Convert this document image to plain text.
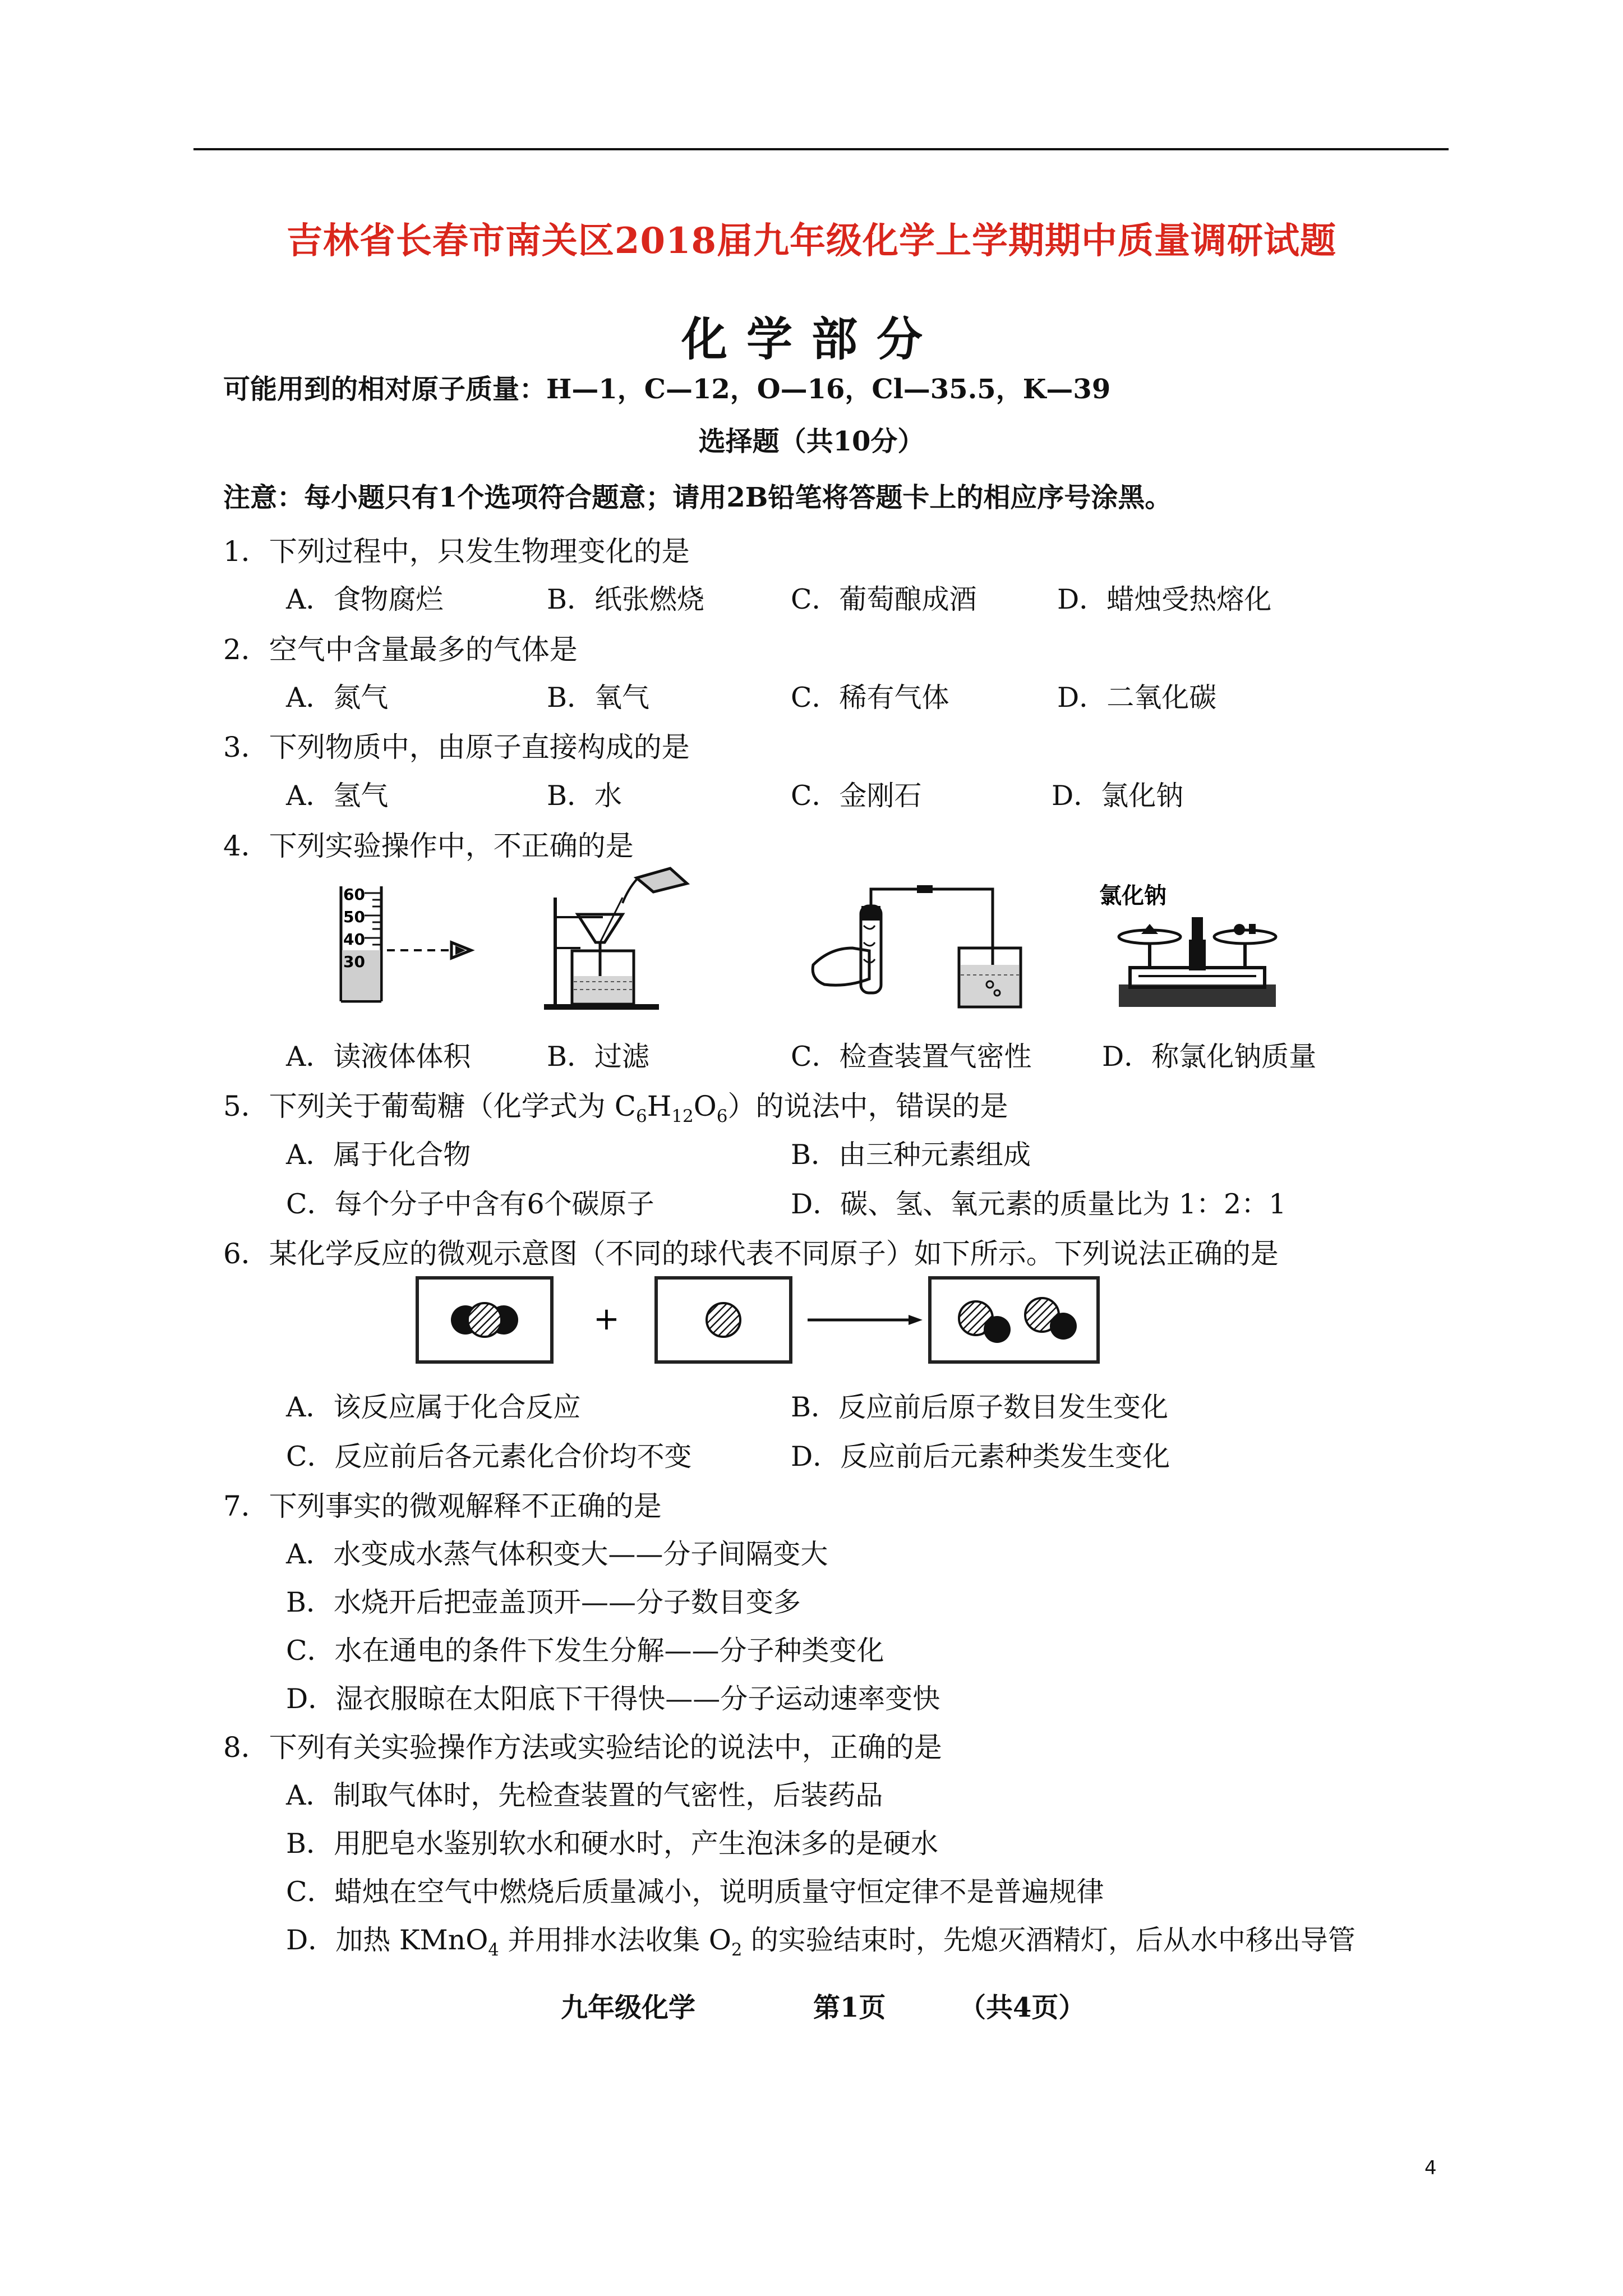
吉林省长春市南关区2018届九年级化学上学期期中质量调研试题
化学部分
可能用到的相对原子质量：H—1，C—12，O—16，Cl—35.5，K—39
选择题（共10分）
注意：每小题只有1个选项符合题意；请用2B铅笔将答题卡上的相应序号涂黑。
1．下列过程中，只发生物理变化的是
A．食物腐烂	B．纸张燃烧	C．葡萄酿成酒	D．蜡烛受热熔化
2．空气中含量最多的气体是
A．氮气	B．氧气	C．稀有气体	D．二氧化碳
3．下列物质中，由原子直接构成的是
A．氢气	B．水	C．金刚石	D．氯化钠
4．下列实验操作中，不正确的是
60
50
40
30
氯化钠
A．读液体体积	B．过滤	C．检查装置气密性	D．称氯化钠质量
5．下列关于葡萄糖（化学式为 $C_6H_{12}O_6$）的说法中，错误的是
A．属于化合物	B．由三种元素组成
C．每个分子中含有6个碳原子	D．碳、氢、氧元素的质量比为 1：2：1
6．某化学反应的微观示意图（不同的球代表不同原子）如下所示。下列说法正确的是
+
A．该反应属于化合反应	B．反应前后原子数目发生变化
C．反应前后各元素化合价均不变	D．反应前后元素种类发生变化
7．下列事实的微观解释不正确的是
A．水变成水蒸气体积变大——分子间隔变大
B．水烧开后把壶盖顶开——分子数目变多
C．水在通电的条件下发生分解——分子种类变化
D．湿衣服晾在太阳底下干得快——分子运动速率变快
8．下列有关实验操作方法或实验结论的说法中，正确的是
A．制取气体时，先检查装置的气密性，后装药品
B．用肥皂水鉴别软水和硬水时，产生泡沫多的是硬水
C．蜡烛在空气中燃烧后质量减小，说明质量守恒定律不是普遍规律
D．加热 KMnO$_4$ 并用排水法收集 $O_2$ 的实验结束时，先熄灭酒精灯，后从水中移出导管
九年级化学	第1页	（共4页）
4
